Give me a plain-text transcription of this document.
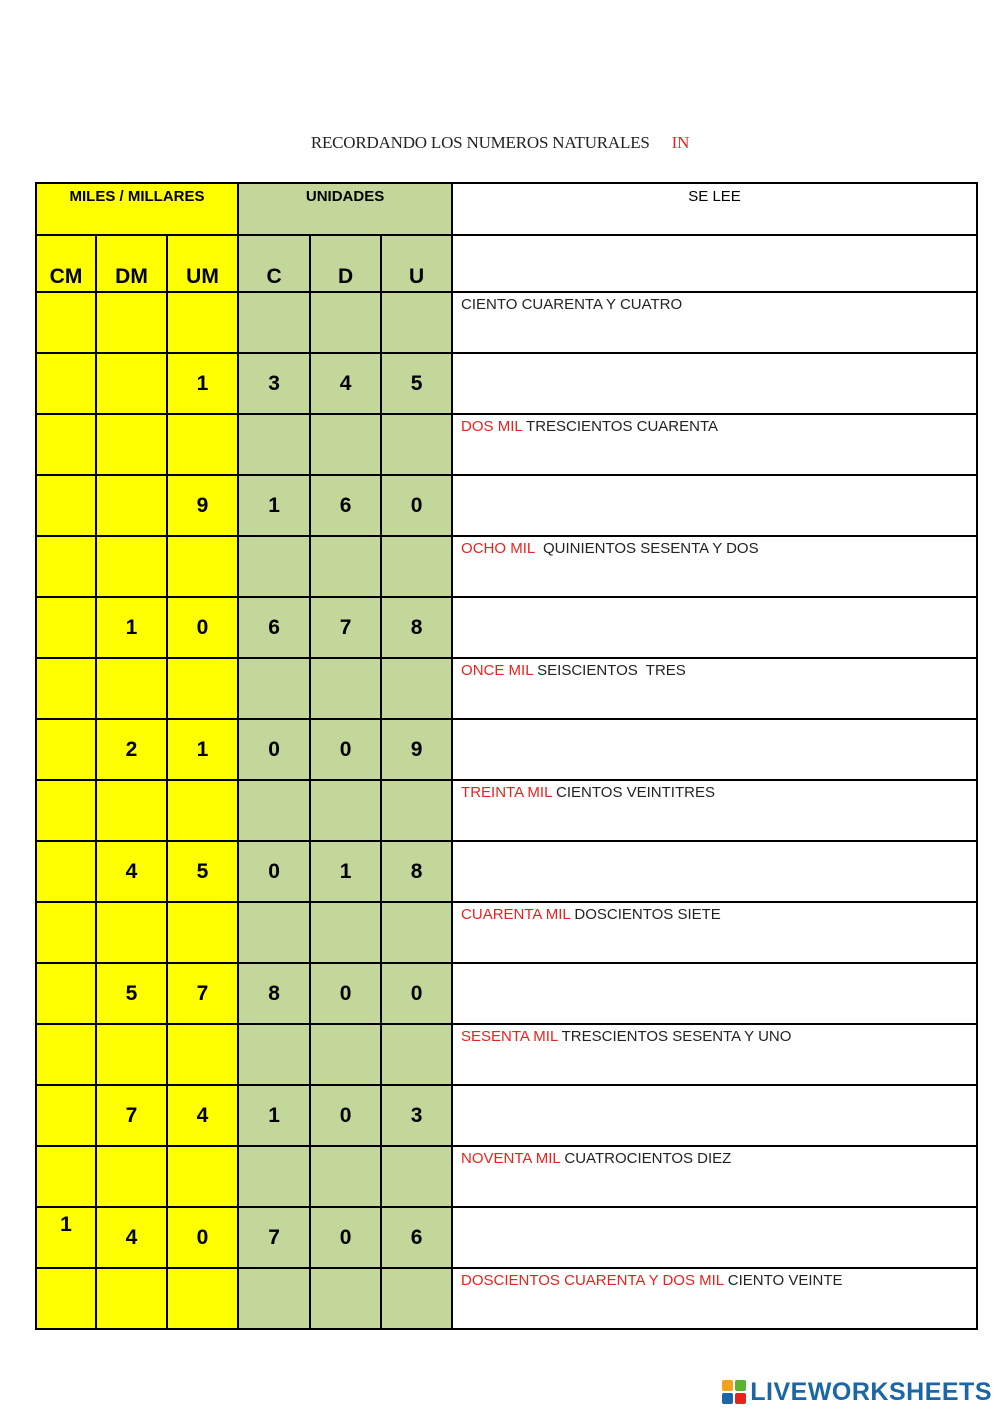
RECORDANDO LOS NUMEROS NATURALES IN
MILES / MILLARES			UNIDADES			SE LEE
CM	DM	UM	C	D	U	
						CIENTO CUARENTA Y CUATRO
		1	3	4	5	
						DOS MIL TRESCIENTOS CUARENTA
		9	1	6	0	
						OCHO MIL  QUINIENTOS SESENTA Y DOS
	1	0	6	7	8	
						ONCE MIL SEISCIENTOS  TRES
	2	1	0	0	9	
						TREINTA MIL CIENTOS VEINTITRES
	4	5	0	1	8	
						CUARENTA MIL DOSCIENTOS SIETE
	5	7	8	0	0	
						SESENTA MIL TRESCIENTOS SESENTA Y UNO
	7	4	1	0	3	
						NOVENTA MIL CUATROCIENTOS DIEZ
1	4	0	7	0	6	
						DOSCIENTOS CUARENTA Y DOS MIL CIENTO VEINTE
LIVEWORKSHEETS
